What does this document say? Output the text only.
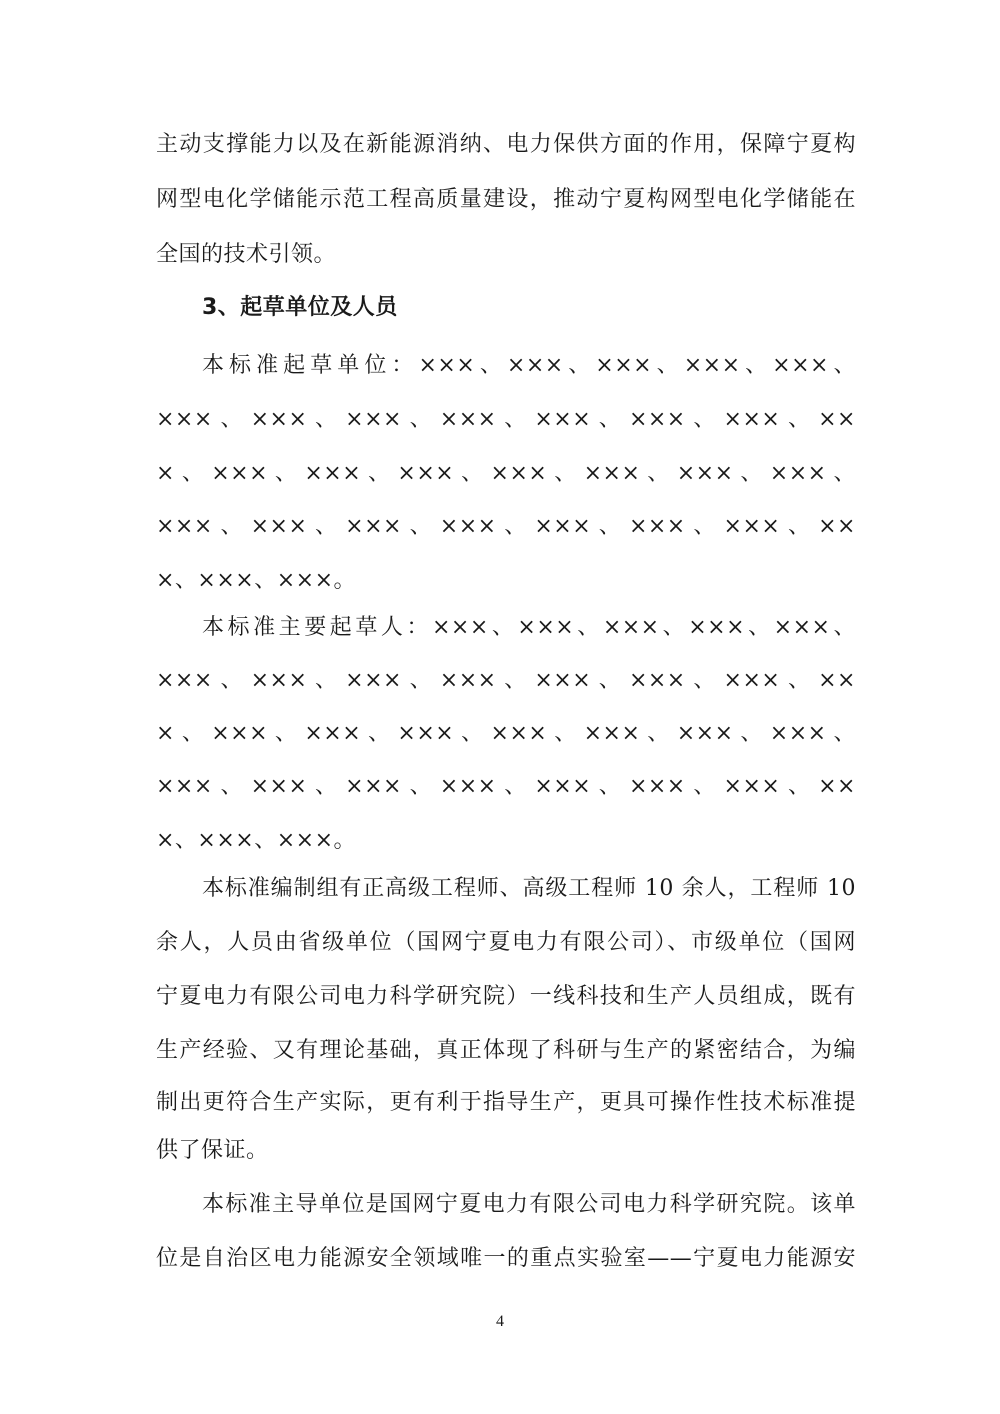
主动支撑能力以及在新能源消纳、电力保供方面的作用，保障宁夏构
网型电化学储能示范工程高质量建设，推动宁夏构网型电化学储能在
全国的技术引领。
3、起草单位及人员
本标准起草单位：×××、×××、×××、×××、×××、
×××、×××、×××、×××、×××、×××、×××、××
×、×××、×××、×××、×××、×××、×××、×××、
×××、×××、×××、×××、×××、×××、×××、××
×、×××、×××。
本标准主要起草人：×××、×××、×××、×××、×××、
×××、×××、×××、×××、×××、×××、×××、××
×、×××、×××、×××、×××、×××、×××、×××、
×××、×××、×××、×××、×××、×××、×××、××
×、×××、×××。
本标准编制组有正高级工程师、高级工程师 10 余人，工程师 10
余人，人员由省级单位（国网宁夏电力有限公司）、市级单位（国网
宁夏电力有限公司电力科学研究院）一线科技和生产人员组成，既有
生产经验、又有理论基础，真正体现了科研与生产的紧密结合，为编
制出更符合生产实际，更有利于指导生产，更具可操作性技术标准提
供了保证。
本标准主导单位是国网宁夏电力有限公司电力科学研究院。该单
位是自治区电力能源安全领域唯一的重点实验室——宁夏电力能源安
4
